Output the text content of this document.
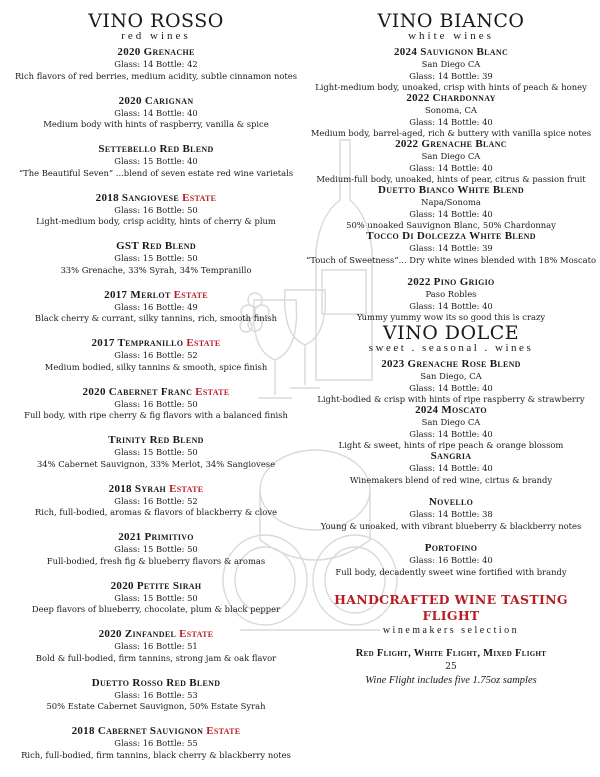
VINO ROSSO
red wines
2020 Grenache
Glass: 14 Bottle: 42
Rich flavors of red berries, medium acidity, subtle cinnamon notes
2020 Carignan
Glass: 14 Bottle: 40
Medium body with hints of raspberry, vanilla & spice
Settebello Red Blend
Glass: 15 Bottle: 40
“The Beautiful Seven” ...blend of seven estate red wine varietals
2018 Sangiovese Estate
Glass: 16 Bottle: 50
Light-medium body, crisp acidity, hints of cherry & plum
GST Red Blend
Glass: 15 Bottle: 50
33% Grenache, 33% Syrah, 34% Tempranillo
2017 Merlot Estate
Glass: 16 Bottle: 49
Black cherry & currant, silky tannins, rich, smooth finish
2017 Tempranillo Estate
Glass: 16 Bottle: 52
Medium bodied, silky tannins & smooth, spice finish
2020 Cabernet Franc Estate
Glass: 16 Bottle: 50
Full body, with ripe cherry & fig flavors with a balanced finish
Trinity Red Blend
Glass: 15 Bottle: 50
34% Cabernet Sauvignon, 33% Merlot, 34% Sangiovese
2018 Syrah Estate
Glass: 16 Bottle: 52
Rich, full-bodied, aromas & flavors of blackberry & clove
2021 Primitivo
Glass: 15 Bottle: 50
Full-bodied, fresh fig & blueberry flavors & aromas
2020 Petite Sirah
Glass: 15 Bottle: 50
Deep flavors of blueberry, chocolate, plum & black pepper
2020 Zinfandel Estate
Glass: 16 Bottle: 51
Bold & full-bodied, firm tannins, strong jam & oak flavor
Duetto Rosso Red Blend
Glass: 16 Bottle: 53
50% Estate Cabernet Sauvignon, 50% Estate Syrah
2018 Cabernet Sauvignon Estate
Glass: 16 Bottle: 55
Rich, full-bodied, firm tannins, black cherry & blackberry notes
VINO BIANCO
white wines
2024 Sauvignon Blanc
San Diego CA
Glass: 14 Bottle: 39
Light-medium body, unoaked, crisp with hints of peach & honey
2022 Chardonnay
Sonoma, CA
Glass: 14 Bottle: 40
Medium body, barrel-aged, rich & buttery with vanilla spice notes
2022 Grenache Blanc
San Diego CA
Glass: 14 Bottle: 40
Medium-full body, unoaked, hints of pear, citrus & passion fruit
Duetto Bianco White Blend
Napa/Sonoma
Glass: 14 Bottle: 40
50% unoaked Sauvignon Blanc, 50% Chardonnay
Tocco Di Dolcezza White Blend
Glass: 14 Bottle: 39
“Touch of Sweetness”... Dry white wines blended with 18% Moscato
2022 Pino Grigio
Paso Robles
Glass: 14 Bottle: 40
Yummy yummy wow its so good this is crazy
VINO DOLCE
sweet . seasonal . wines
2023 Grenache Rose Blend
San Diego, CA
Glass: 14 Bottle: 40
Light-bodied & crisp with hints of ripe raspberry & strawberry
2024 Moscato
San Diego CA
Glass: 14 Bottle: 40
Light & sweet, hints of ripe peach & orange blossom
Sangria
Glass: 14 Bottle: 40
Winemakers blend of red wine, cirtus & brandy
Novello
Glass: 14 Bottle: 38
Young & unoaked, with vibrant blueberry & blackberry notes
Portofino
Glass: 16 Bottle: 40
Full body, decadently sweet wine fortified with brandy
HANDCRAFTED WINE TASTING FLIGHT
winemakers selection
Red Flight, White Flight, Mixed Flight
25
Wine Flight includes five 1.75oz samples
